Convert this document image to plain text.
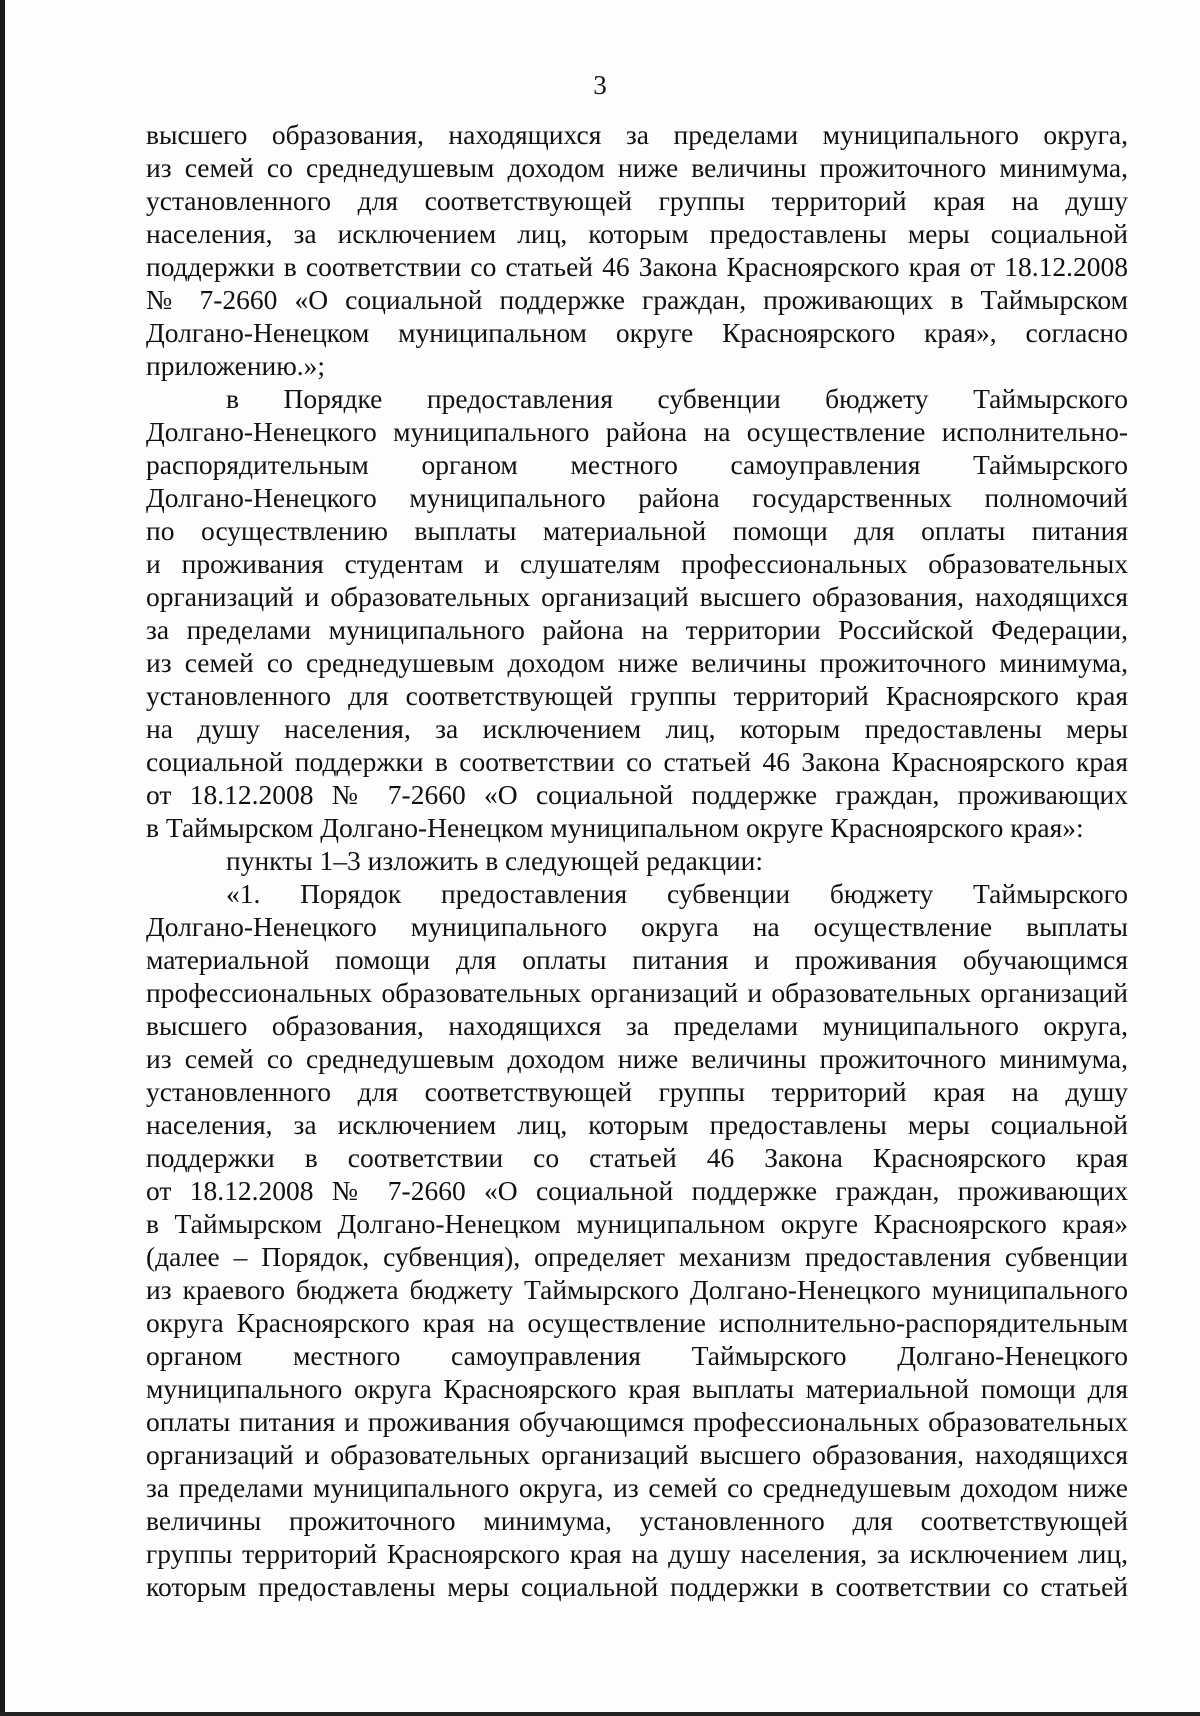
3
высшего образования, находящихся за пределами муниципального округа,
из семей со среднедушевым доходом ниже величины прожиточного минимума,
установленного для соответствующей группы территорий края на душу
населения, за исключением лиц, которым предоставлены меры социальной
поддержки в соответствии со статьей 46 Закона Красноярского края от 18.12.2008
№ 7-2660 «О социальной поддержке граждан, проживающих в Таймырском
Долгано-Ненецком муниципальном округе Красноярского края», согласно
приложению.»;
в Порядке предоставления субвенции бюджету Таймырского
Долгано-Ненецкого муниципального района на осуществление исполнительно-
распорядительным органом местного самоуправления Таймырского
Долгано-Ненецкого муниципального района государственных полномочий
по осуществлению выплаты материальной помощи для оплаты питания
и проживания студентам и слушателям профессиональных образовательных
организаций и образовательных организаций высшего образования, находящихся
за пределами муниципального района на территории Российской Федерации,
из семей со среднедушевым доходом ниже величины прожиточного минимума,
установленного для соответствующей группы территорий Красноярского края
на душу населения, за исключением лиц, которым предоставлены меры
социальной поддержки в соответствии со статьей 46 Закона Красноярского края
от 18.12.2008 № 7-2660 «О социальной поддержке граждан, проживающих
в Таймырском Долгано-Ненецком муниципальном округе Красноярского края»:
пункты 1–3 изложить в следующей редакции:
«1. Порядок предоставления субвенции бюджету Таймырского
Долгано-Ненецкого муниципального округа на осуществление выплаты
материальной помощи для оплаты питания и проживания обучающимся
профессиональных образовательных организаций и образовательных организаций
высшего образования, находящихся за пределами муниципального округа,
из семей со среднедушевым доходом ниже величины прожиточного минимума,
установленного для соответствующей группы территорий края на душу
населения, за исключением лиц, которым предоставлены меры социальной
поддержки в соответствии со статьей 46 Закона Красноярского края
от 18.12.2008 № 7-2660 «О социальной поддержке граждан, проживающих
в Таймырском Долгано-Ненецком муниципальном округе Красноярского края»
(далее – Порядок, субвенция), определяет механизм предоставления субвенции
из краевого бюджета бюджету Таймырского Долгано-Ненецкого муниципального
округа Красноярского края на осуществление исполнительно-распорядительным
органом местного самоуправления Таймырского Долгано-Ненецкого
муниципального округа Красноярского края выплаты материальной помощи для
оплаты питания и проживания обучающимся профессиональных образовательных
организаций и образовательных организаций высшего образования, находящихся
за пределами муниципального округа, из семей со среднедушевым доходом ниже
величины прожиточного минимума, установленного для соответствующей
группы территорий Красноярского края на душу населения, за исключением лиц,
которым предоставлены меры социальной поддержки в соответствии со статьей
